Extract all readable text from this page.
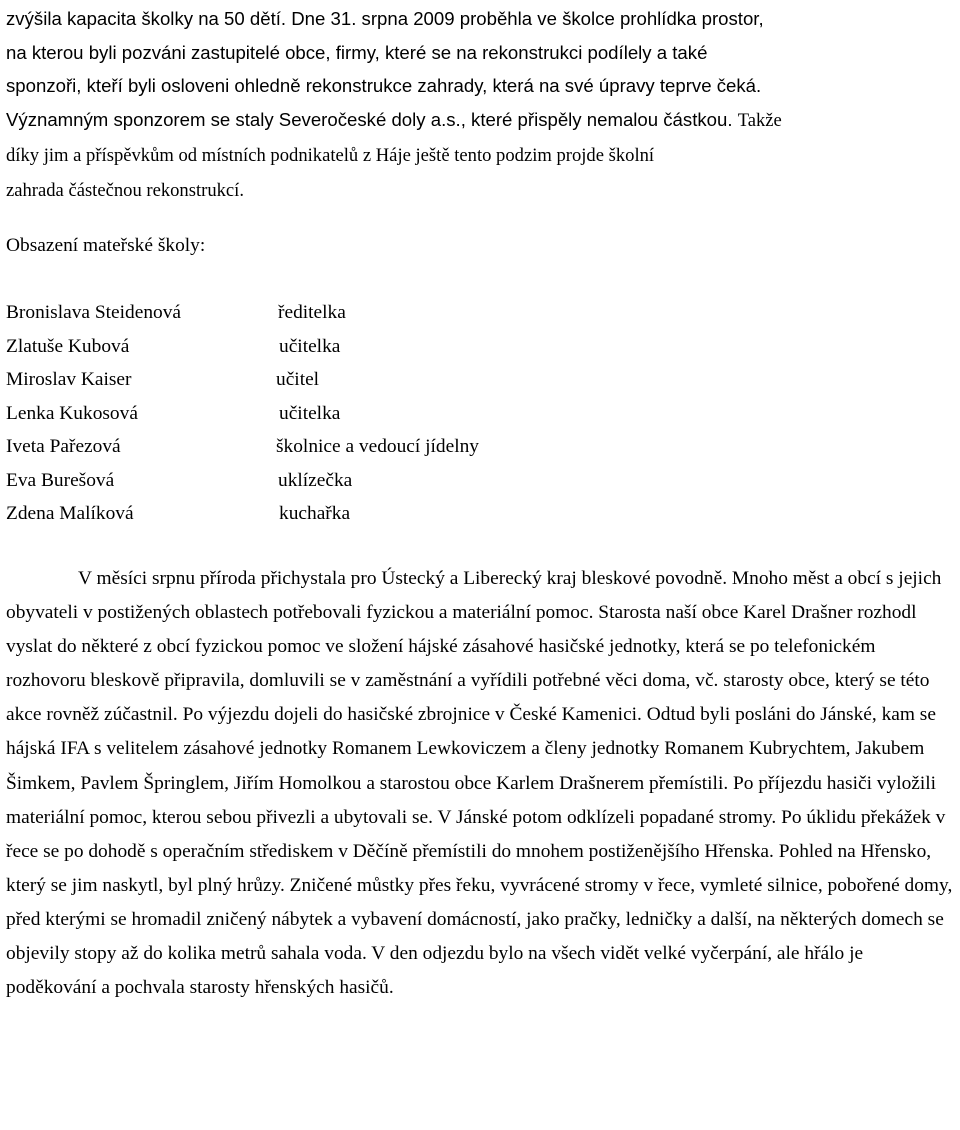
zvýšila kapacita školky na 50 dětí. Dne 31. srpna 2009 proběhla ve školce prohlídka prostor,
na kterou byli pozváni zastupitelé obce, firmy, které se na rekonstrukci podílely a také
sponzoři, kteří byli osloveni ohledně rekonstrukce zahrady, která na své úpravy teprve čeká.
Významným sponzorem se staly Severočeské doly a.s., které přispěly nemalou částkou. Takže
díky jim a příspěvkům od místních podnikatelů z Háje ještě tento podzim projde školní
zahrada částečnou rekonstrukcí.

Obsazení mateřské školy:

Bronislava Steidenová	ředitelka
Zlatuše Kubová	učitelka
Miroslav Kaiser	učitel
Lenka Kukosová	učitelka
Iveta Pařezová	školnice a vedoucí jídelny
Eva Burešová	uklízečka
Zdena Malíková	kuchařka

V měsíci srpnu příroda přichystala pro Ústecký a Liberecký kraj bleskové povodně. Mnoho měst a obcí s jejich obyvateli v postižených oblastech potřebovali fyzickou a materiální pomoc. Starosta naší obce Karel Drašner rozhodl vyslat do některé z obcí fyzickou pomoc ve složení hájské zásahové hasičské jednotky, která se po telefonickém rozhovoru bleskově připravila, domluvili se v zaměstnání a vyřídili potřebné věci doma, vč. starosty obce, který se této akce rovněž zúčastnil. Po výjezdu dojeli do hasičské zbrojnice v České Kamenici. Odtud byli posláni do Jánské, kam se hájská IFA s velitelem zásahové jednotky Romanem Lewkoviczem a členy jednotky Romanem Kubrychtem, Jakubem Šimkem, Pavlem Špringlem, Jiřím Homolkou a starostou obce Karlem Drašnerem přemístili. Po příjezdu hasiči vyložili materiální pomoc, kterou sebou přivezli a ubytovali se. V Jánské potom odklízeli popadané stromy. Po úklidu překážek v řece se po dohodě s operačním střediskem v Děčíně přemístili do mnohem postiženějšího Hřenska. Pohled na Hřensko, který se jim naskytl, byl plný hrůzy. Zničené můstky přes řeku, vyvrácené stromy v řece, vymleté silnice, pobořené domy, před kterými se hromadil zničený nábytek a vybavení domácností, jako pračky, ledničky a další, na některých domech se objevily stopy až do kolika metrů sahala voda. V den odjezdu bylo na všech vidět velké vyčerpání, ale hřálo je poděkování a pochvala starosty hřenských hasičů.
